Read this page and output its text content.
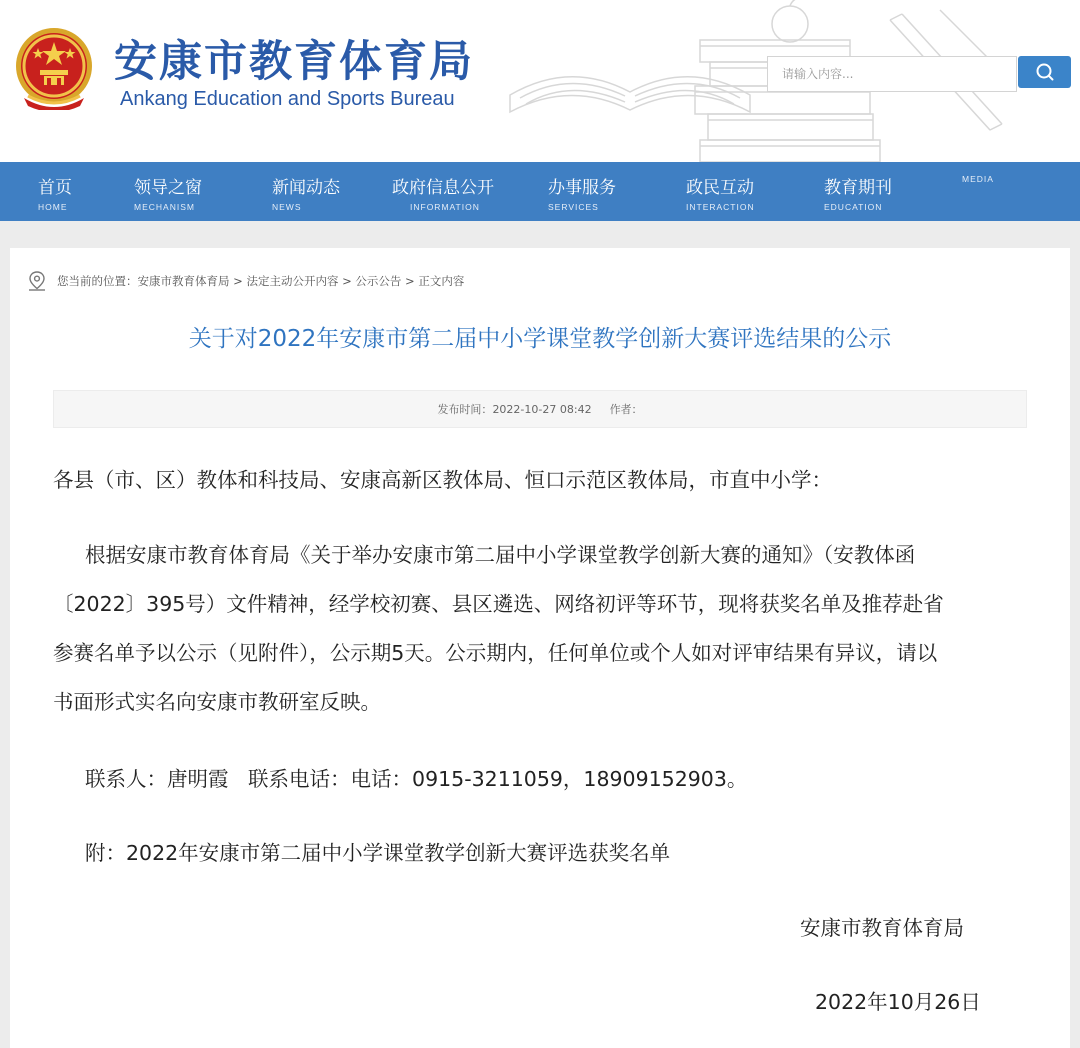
安康市教育体育局
Ankang Education and Sports Bureau
请输入内容...
首页
HOME
领导之窗
MECHANISM
新闻动态
NEWS
政府信息公开
INFORMATION
办事服务
SERVICES
政民互动
INTERACTION
教育期刊
EDUCATION
MEDIA
您当前的位置： 安康市教育体育局 > 法定主动公开内容 > 公示公告 > 正文内容
关于对2022年安康市第二届中小学课堂教学创新大赛评选结果的公示
发布时间： 2022-10-27 08:42 作者：
各县（市、区）教体和科技局、安康高新区教体局、恒口示范区教体局，市直中小学：
根据安康市教育体育局《关于举办安康市第二届中小学课堂教学创新大赛的通知》（安教体函
〔2022〕395号）文件精神，经学校初赛、县区遴选、网络初评等环节，现将获奖名单及推荐赴省
参赛名单予以公示（见附件），公示期5天。公示期内，任何单位或个人如对评审结果有异议，请以
书面形式实名向安康市教研室反映。
联系人：唐明霞   联系电话：电话：0915-3211059，18909152903。
附：2022年安康市第二届中小学课堂教学创新大赛评选获奖名单
安康市教育体育局
2022年10月26日
